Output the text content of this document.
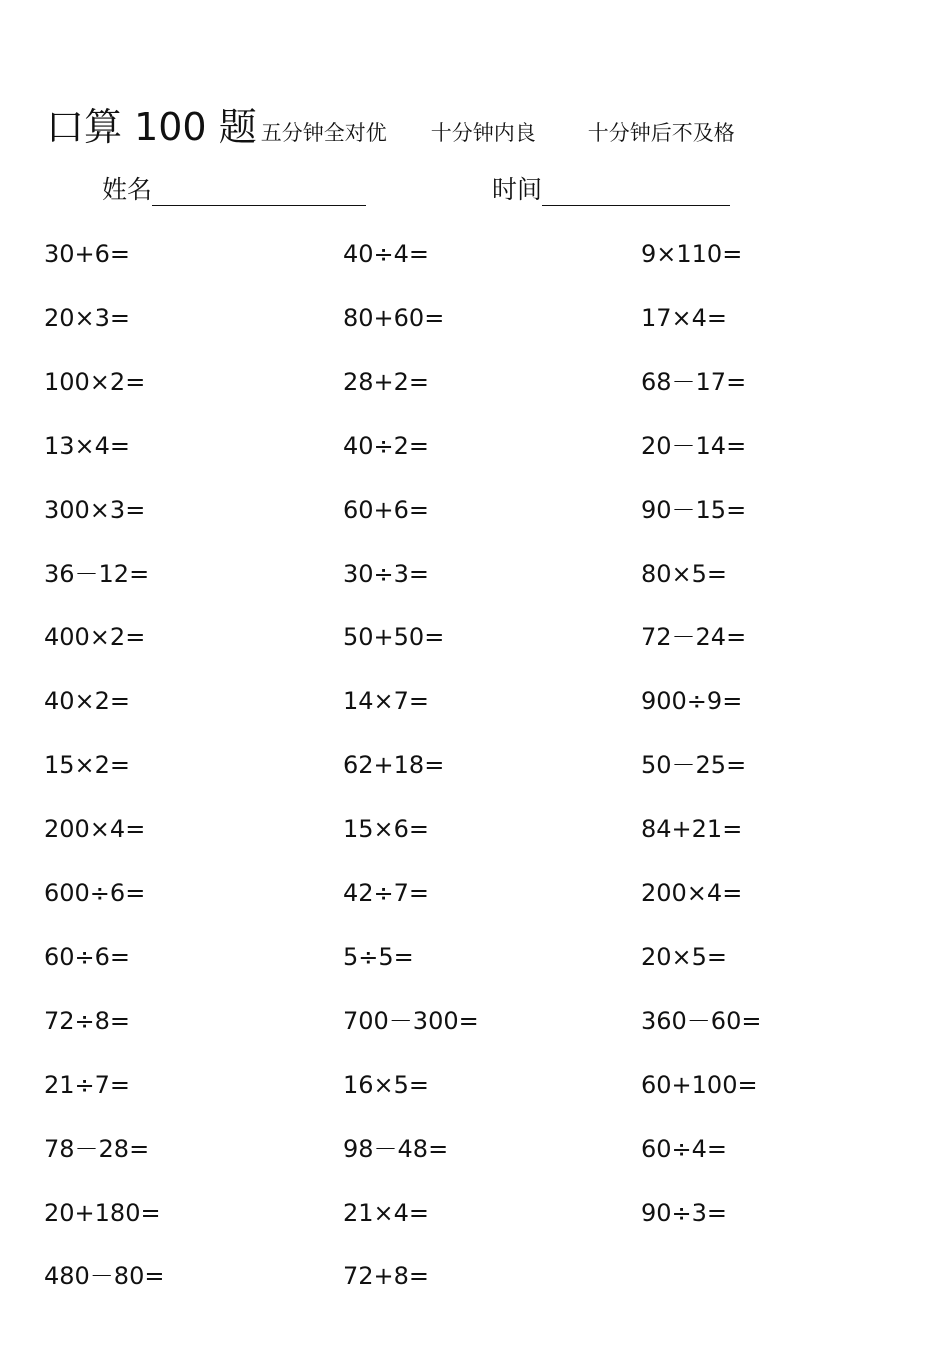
口算 100 题 五分钟全对优 十分钟内良 十分钟后不及格
姓名	时间
30+6=
20×3=
100×2=
13×4=
300×3=
36－12=
400×2=
40×2=
15×2=
200×4=
600÷6=
60÷6=
72÷8=
21÷7=
78－28=
20+180=
480－80=
40÷4=
80+60=
28+2=
40÷2=
60+6=
30÷3=
50+50=
14×7=
62+18=
15×6=
42÷7=
5÷5=
700－300=
16×5=
98－48=
21×4=
72+8=
9×110=
17×4=
68－17=
20－14=
90－15=
80×5=
72－24=
900÷9=
50－25=
84+21=
200×4=
20×5=
360－60=
60+100=
60÷4=
90÷3=
